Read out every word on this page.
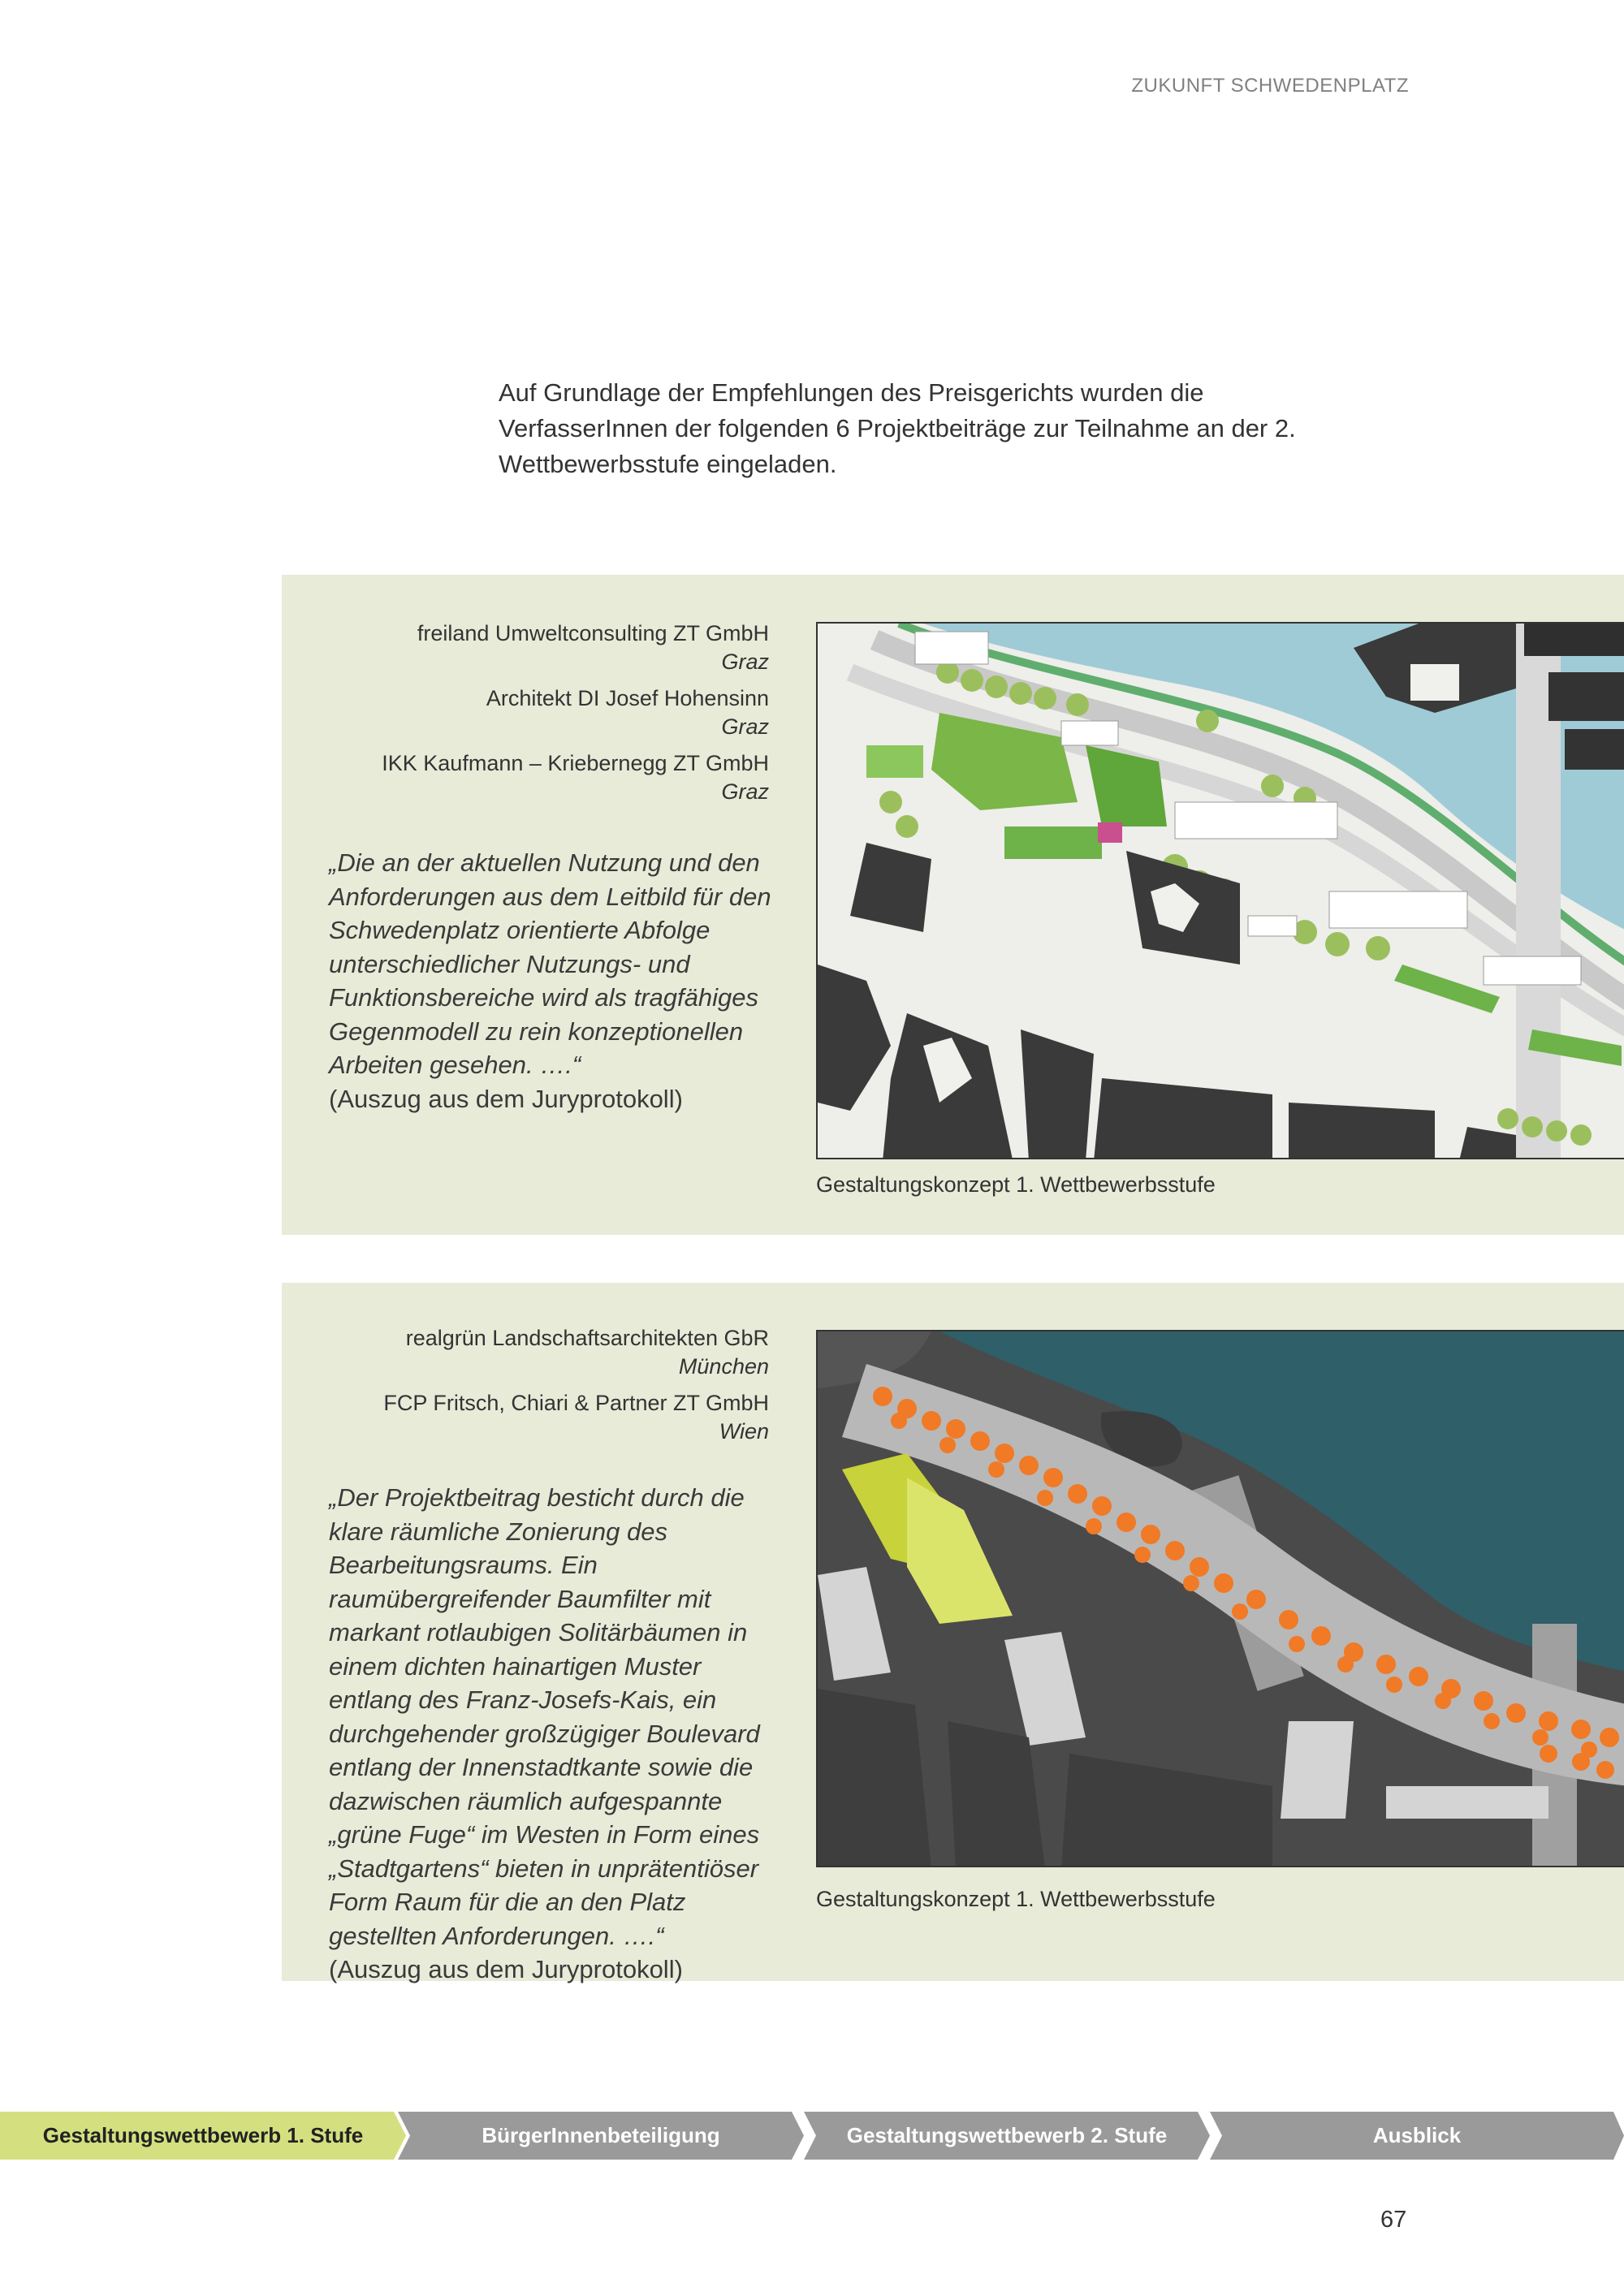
ZUKUNFT SCHWEDENPLATZ
Auf Grundlage der Empfehlungen des Preisgerichts wurden die VerfasserInnen der folgenden 6 Projektbeiträge zur Teilnahme an der 2. Wettbewerbsstufe eingeladen.
freiland Umweltconsulting ZT GmbH
Graz
Architekt DI Josef Hohensinn
Graz
IKK Kaufmann – Kriebernegg ZT GmbH
Graz
„Die an der aktuellen Nutzung und den Anforderungen aus dem Leitbild für den Schwedenplatz orientierte Abfolge unterschiedlicher Nutzungs- und Funktionsbereiche wird als tragfähiges Gegenmodell zu rein konzeptionellen Arbeiten gesehen. ….“
(Auszug aus dem Juryprotokoll)
Gestaltungskonzept 1. Wettbewerbsstufe
realgrün Landschaftsarchitekten GbR
München
FCP Fritsch, Chiari & Partner ZT GmbH
Wien
„Der Projektbeitrag besticht durch die klare räumliche Zonierung des Bearbeitungsraums. Ein raumübergreifender Baumfilter mit markant rotlaubigen Solitärbäumen in einem dichten hainartigen Muster entlang des Franz-Josefs-Kais, ein durchgehender großzügiger Boulevard entlang der Innenstadtkante sowie die dazwischen räumlich aufgespannte „grüne Fuge“ im Westen in Form eines „Stadtgartens“ bieten in unprätentiöser Form Raum für die an den Platz gestellten Anforderungen. ….“
(Auszug aus dem Juryprotokoll)
Gestaltungskonzept 1. Wettbewerbsstufe
Gestaltungswettbewerb 1. Stufe	BürgerInnenbeteiligung	Gestaltungswettbewerb 2. Stufe	Ausblick
67
